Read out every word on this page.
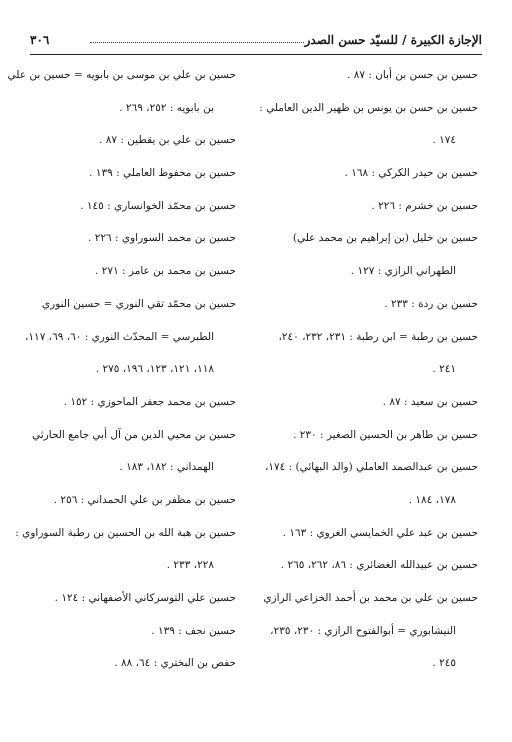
٣٠٦	الإجازة الكبيرة / للسيّد حسن الصدر
حسين بن حسن بن أبان : ٨٧ .
حسين بن حسن بن يونس بن ظهير الدين العاملي :
١٧٤ .
حسين بن حيدر الكركي : ١٦٨ .
حسين بن خشرم : ٢٢٦ .
حسين بن خليل (بن إبراهيم بن محمد علي)
الطهراني الرازي : ١٢٧ .
حسين بن ردة : ٢٣٣ .
حسين بن رطبة = ابن رطبة : ٢٣١، ٢٣٢، ٢٤٠،
٢٤١ .
حسين بن سعيد : ٨٧ .
حسين بن طاهر بن الحسين الصغير : ٢٣٠ .
حسين بن عبدالصمد العاملي (والد البهائي) : ١٧٤،
١٧٨، ١٨٤ .
حسين بن عبد علي الخمايسي الغروي : ١٦٣ .
حسين بن عبيدالله الغضائري : ٨٦، ٢٦٢، ٢٦٥ .
حسين بن علي بن محمد بن أحمد الخزاعي الرازي
النيشابوري = أبوالفتوح الرازي : ٢٣٠، ٢٣٥،
٢٤٥ .
حسين بن علي بن موسى بن بابويه = حسين بن علي
بن بابويه : ٢٥٢، ٢٦٩ .
حسين بن علي بن يقطين : ٨٧ .
حسين بن محفوظ العاملي : ١٣٩ .
حسين بن محمّد الخوانساري : ١٤٥ .
حسين بن محمد السوراوي : ٢٢٦ .
حسين بن محمد بن عامر : ٢٧١ .
حسين بن محمّد تقي النوري = حسين النوري
الطبرسي = المحدّث النوري : ٦٠، ٦٩، ١١٧،
١١٨، ١٢١، ١٢٣، ١٩٦، ٢٧٥ .
حسين بن محمد جعفر الماحوزي : ١٥٢ .
حسين بن محيي الدين من آل أبي جامع الحارثي
الهمداني : ١٨٢، ١٨٣ .
حسين بن مظفر بن علي الحمداني : ٢٥٦ .
حسين بن هبة الله بن الحسين بن رطبة السوراوي :
٢٢٨، ٢٣٣ .
حسين علي التوسركاني الأصفهاني : ١٢٤ .
حسين نجف : ١٣٩ .
حفص بن البختري : ٦٤، ٨٨ .
